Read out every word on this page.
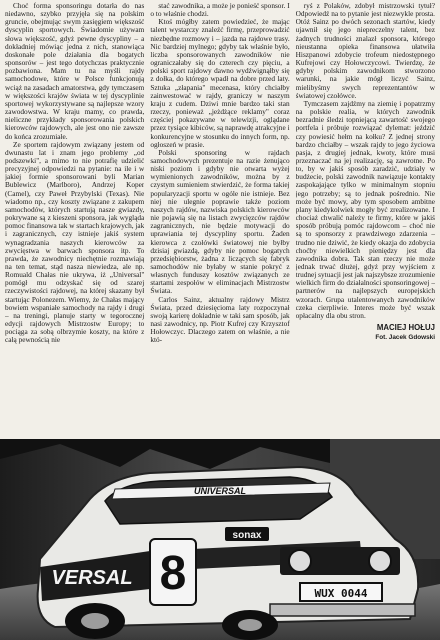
Choć forma sponsoringu dotarła do nas niedawno, szybko przyjęła się na polskim gruncie, obejmując swym zasięgiem większość dyscyplin sportowych. Świadomie używam słowa większość, gdyż pewne dyscypliny – a dokładniej mówiąc jedna z nich, stanowiąca doskonałe pole działania dla bogatych sponsorów – jest tego dotychczas praktycznie pozbawiona. Mam tu na myśli rajdy samochodowe, które w Polsce funkcjonują wciąż na zasadach amatorstwa, gdy tymczasem w większości krajów świata w tej dyscyplinie sportowej wykorzystywane są najlepsze wzory zawodowstwa. W kraju mamy, co prawda, nieliczne przykłady sponsorowania polskich kierowców rajdowych, ale jest ono nie zawsze do końca zrozumiałe.

Ze sportem rajdowym związany jestem od dwunastu lat i znam jego problemy „od podszewki", a mimo to nie potrafię udzielić precyzyjnej odpowiedzi na pytanie: na ile i w jakiej formie sponsorowani byli Marian Bublewicz (Marlboro), Andrzej Koper (Camel), czy Paweł Przybylski (Texas). Nie wiadomo np., czy koszty związane z zakupem samochodów, których startują nasze gwiazdy, pokrywane są z kieszeni sponsora, jak wygląda pomoc finansowa tak w startach krajowych, jak i zagranicznych, czy istnieje jakiś system wynagradzania naszych kierowców za zwycięstwa w barwach sponsora itp. To prawda, że zawodnicy niechętnie rozmawiają na ten temat, stąd nasza niewiedza, ale np. Romuald Chałas nie ukrywa, iż „Universal" pomógł mu odzyskać się od szarej rzeczywistości rajdowej, na której skazany był startując Polonezem. Wiemy, że Chałas mający bowiem wspaniałe samochody na rajdy i drugi – na treningi, planuje starty w tegorocznej edycji rajdowych Mistrzostw Europy; to pociąga za sobą olbrzymie koszty, na które z całą pewnością nie

stać zawodnika, a może je ponieść sponsor. I o to właśnie chodzi.

Ktoś mógłby zatem powiedzieć, że mając talent wystarczy znaleźć firmę, przeprowadzić niezbędne rozmowy i – jazda na rajdowe trasy. Nic bardziej mylnego; gdyby tak właśnie było, liczba sponsorowanych zawodników nie ograniczałaby się do czterech czy pięciu, a polski sport rajdowy dawno wydźwignąłby się z dołka, do którego wpadł na dobre przed laty. Sztuka „złapania" mecenasa, który chciałby zainwestować w rajdy, graniczy w naszym kraju z cudem. Dziwi mnie bardzo taki stan rzeczy, ponieważ „jeżdżące reklamy" coraz częściej pokazywane w telewizji, oglądane przez tysiące kibiców, są naprawdę atrakcyjne i konkurencyjne w stosunku do innych form, np. ogłoszeń w prasie.

Polski sponsoring w rajdach samochodowych prezentuje na razie żenująco niski poziom i gdyby nie otwarta wyżej wymienionych zawodników, można by z czystym sumieniem stwierdzić, że forma takiej popularyzacji sportu w ogóle nie istnieje. Bez niej nie ulegnie poprawie także poziom naszych rajdów, nazwiska polskich kierowców nie pojawią się na listach zwycięzców rajdów zagranicznych, nie będzie motywacji do uprawiania tej dyscypliny sportu. Żaden kierowca z czołówki światowej nie byłby dzisiaj gwiazdą, gdyby nie pomoc bogatych przedsiębiorstw, żadna z liczących się fabryk samochodów nie byłaby w stanie pokryć z własnych funduszy kosztów związanych ze startami zespołów w eliminacjach Mistrzostw Świata.

Carlos Sainz, aktualny rajdowy Mistrz Świata, przed dziesięcioma laty rozpoczynał swoją karierę dokładnie w taki sam sposób, jak nasi zawodnicy, np. Piotr Kufrej czy Krzysztof Hołowczyc. Dlaczego zatem on właśnie, a nie któ-

ryś z Polaków, zdobył mistrzowski tytuł? Odpowiedź na to pytanie jest niezwykle prosta. Otóż Sainz po dwóch sezonach startów, kiedy ujawnił się jego niepreczelny talent, bez żadnych trudności znalazł sponsora, którego nieustanna opieka finansowa ułatwiła Hiszpanowi zdobycie trofeum niedostępnego Kufrejowi czy Hołowczycowi. Twierdzę, że gdyby polskim zawodnikom stworzono warunki, na jakie mógł liczyć Sainz, mielibyśmy swych reprezentantów w światowej czołówce.

Tymczasem zajdźmy na ziemię i popatrzmy na polskie realia, w których zawodnik bezradnie śledzi topniejącą zawartość swojego portfela i próbuje rozwiązać dylemat: jeździć czy powiesić hełm na kołku? Z jednej strony bardzo chciałby – wszak rajdy to jego życiowa pasja, z drugiej jednak, kwoty, które musi przeznaczać na jej realizację, są zawrotne. Po to, by w jakiś sposób zaradzić, udziały w budżecie, polski zawodnik nawiązuje kontakty zaspokajające tylko w minimalnym stopniu jego potrzeby; są to jednak pośrednio. Nie może być mowy, aby tym sposobem ambitne plany kiedykolwiek mogły być zrealizowane. I chociaż chwalić należy te firmy, które w jakiś sposób próbują pomóc rajdowcom – choć nie są to sponsorzy z prawdziwego zdarzenia – trudno nie dziwić, że kiedy okazja do zdobycia choćby niewielkich pieniędzy jest dla zawodnika dobra. Tak stan rzeczy nie może jednak trwać dłużej, gdyż przy wyjściem z trudnej sytuacji jest jak najszybsze zrozumienie wielkich firm do działalności sponsoringowej – partnerów na najlepszych europejskich wzorach. Grupa utalentowanych zawodników czeka cierpliwie. Interes może być wszak opłacalny dla obu stron.

MACIEJ HOŁUJ
Fot. Jacek Gdowski
UNIVERSAL
VERSAL 8
sonax
WUX 0044
